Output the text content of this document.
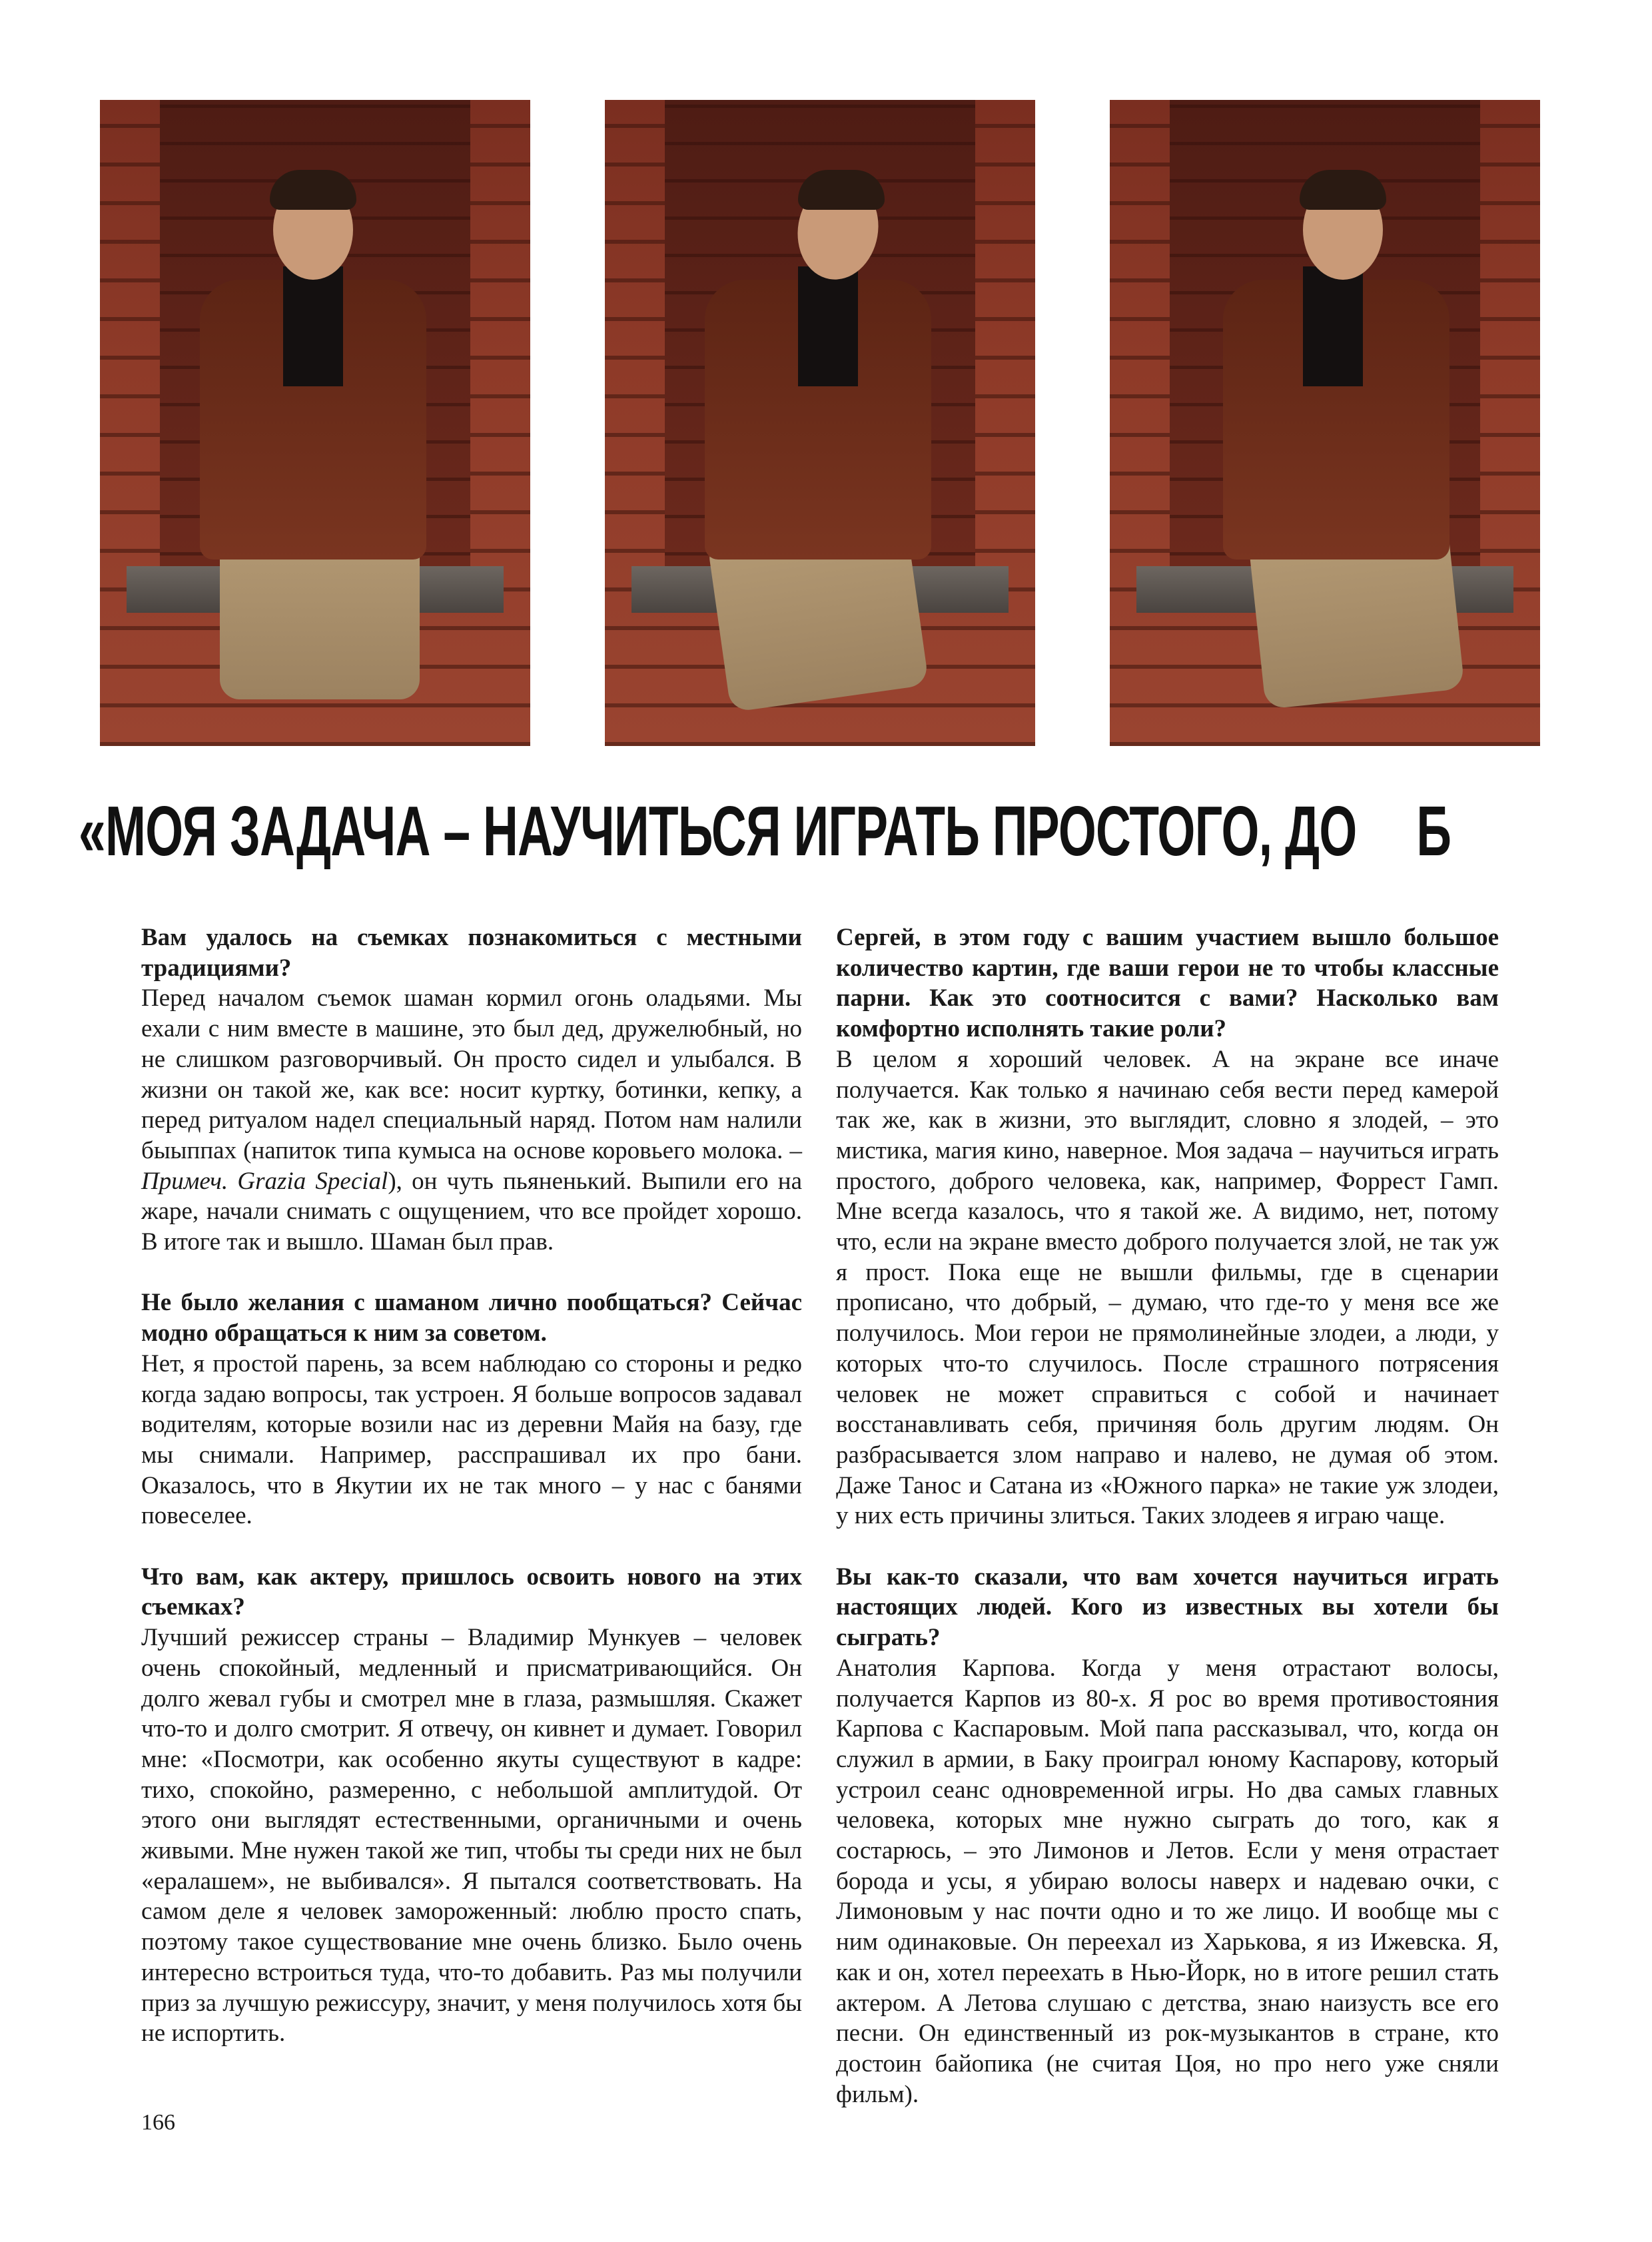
«МОЯ ЗАДАЧА – НАУЧИТЬСЯ ИГРАТЬ ПРОСТОГО, ДО Б

Вам удалось на съемках познакомиться с местными традициями?
Перед началом съемок шаман кормил огонь оладьями. Мы ехали с ним вместе в машине, это был дед, дружелюбный, но не слишком разговорчивый. Он просто сидел и улыбался. В жизни он такой же, как все: носит куртку, ботинки, кепку, а перед ритуалом надел специальный наряд. Потом нам налили быыппах (напиток типа кумыса на основе коровьего молока. – Примеч. Grazia Special), он чуть пьяненький. Выпили его на жаре, начали снимать с ощущением, что все пройдет хорошо. В итоге так и вышло. Шаман был прав.

Не было желания с шаманом лично пообщаться? Сейчас модно обращаться к ним за советом.
Нет, я простой парень, за всем наблюдаю со стороны и редко когда задаю вопросы, так устроен. Я больше вопросов задавал водителям, которые возили нас из деревни Майя на базу, где мы снимали. Например, расспрашивал их про бани. Оказалось, что в Якутии их не так много – у нас с банями повеселее.

Что вам, как актеру, пришлось освоить нового на этих съемках?
Лучший режиссер страны – Владимир Мункуев – человек очень спокойный, медленный и присматривающийся. Он долго жевал губы и смотрел мне в глаза, размышляя. Скажет что-то и долго смотрит. Я отвечу, он кивнет и думает. Говорил мне: «Посмотри, как особенно якуты существуют в кадре: тихо, спокойно, размеренно, с небольшой амплитудой. От этого они выглядят естественными, органичными и очень живыми. Мне нужен такой же тип, чтобы ты среди них не был «ералашем», не выбивался». Я пытался соответствовать. На самом деле я человек замороженный: люблю просто спать, поэтому такое существование мне очень близко. Было очень интересно встроиться туда, что-то добавить. Раз мы получили приз за лучшую режиссуру, значит, у меня получилось хотя бы не испортить.

Сергей, в этом году с вашим участием вышло большое количество картин, где ваши герои не то чтобы классные парни. Как это соотносится с вами? Насколько вам комфортно исполнять такие роли?
В целом я хороший человек. А на экране все иначе получается. Как только я начинаю себя вести перед камерой так же, как в жизни, это выглядит, словно я злодей, – это мистика, магия кино, наверное. Моя задача – научиться играть простого, доброго человека, как, например, Форрест Гамп. Мне всегда казалось, что я такой же. А видимо, нет, потому что, если на экране вместо доброго получается злой, не так уж я прост. Пока еще не вышли фильмы, где в сценарии прописано, что добрый, – думаю, что где-то у меня все же получилось. Мои герои не прямолинейные злодеи, а люди, у которых что-то случилось. После страшного потрясения человек не может справиться с собой и начинает восстанавливать себя, причиняя боль другим людям. Он разбрасывается злом направо и налево, не думая об этом. Даже Танос и Сатана из «Южного парка» не такие уж злодеи, у них есть причины злиться. Таких злодеев я играю чаще.

Вы как-то сказали, что вам хочется научиться играть настоящих людей. Кого из известных вы хотели бы сыграть?
Анатолия Карпова. Когда у меня отрастают волосы, получается Карпов из 80-х. Я рос во время противостояния Карпова с Каспаровым. Мой папа рассказывал, что, когда он служил в армии, в Баку проиграл юному Каспарову, который устроил сеанс одновременной игры. Но два самых главных человека, которых мне нужно сыграть до того, как я состарюсь, – это Лимонов и Летов. Если у меня отрастает борода и усы, я убираю волосы наверх и надеваю очки, с Лимоновым у нас почти одно и то же лицо. И вообще мы с ним одинаковые. Он переехал из Харькова, я из Ижевска. Я, как и он, хотел переехать в Нью-Йорк, но в итоге решил стать актером. А Летова слушаю с детства, знаю наизусть все его песни. Он единственный из рок-музыкантов в стране, кто достоин байопика (не считая Цоя, но про него уже сняли фильм).

166
